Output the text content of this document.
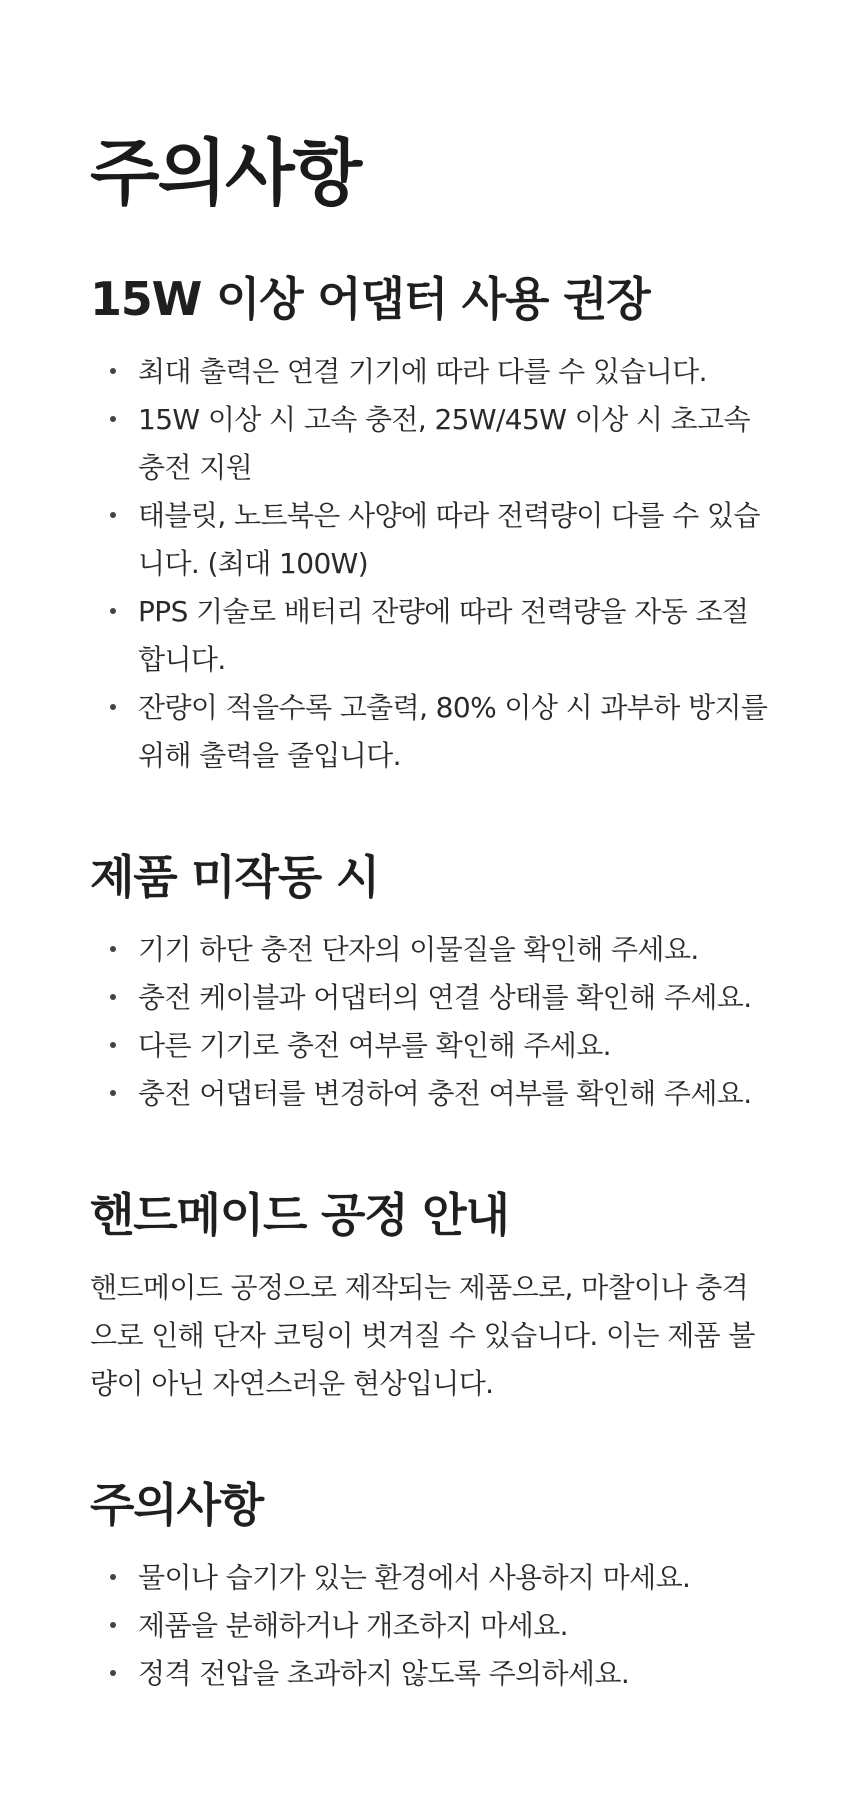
주의사항
15W 이상 어댑터 사용 권장
최대 출력은 연결 기기에 따라 다를 수 있습니다.
15W 이상 시 고속 충전, 25W/45W 이상 시 초고속 충전 지원
태블릿, 노트북은 사양에 따라 전력량이 다를 수 있습니다. (최대 100W)
PPS 기술로 배터리 잔량에 따라 전력량을 자동 조절합니다.
잔량이 적을수록 고출력, 80% 이상 시 과부하 방지를 위해 출력을 줄입니다.
제품 미작동 시
기기 하단 충전 단자의 이물질을 확인해 주세요.
충전 케이블과 어댑터의 연결 상태를 확인해 주세요.
다른 기기로 충전 여부를 확인해 주세요.
충전 어댑터를 변경하여 충전 여부를 확인해 주세요.
핸드메이드 공정 안내

핸드메이드 공정으로 제작되는 제품으로, 마찰이나 충격으로 인해 단자 코팅이 벗겨질 수 있습니다. 이는 제품 불량이 아닌 자연스러운 현상입니다.

주의사항
물이나 습기가 있는 환경에서 사용하지 마세요.
제품을 분해하거나 개조하지 마세요.
정격 전압을 초과하지 않도록 주의하세요.
